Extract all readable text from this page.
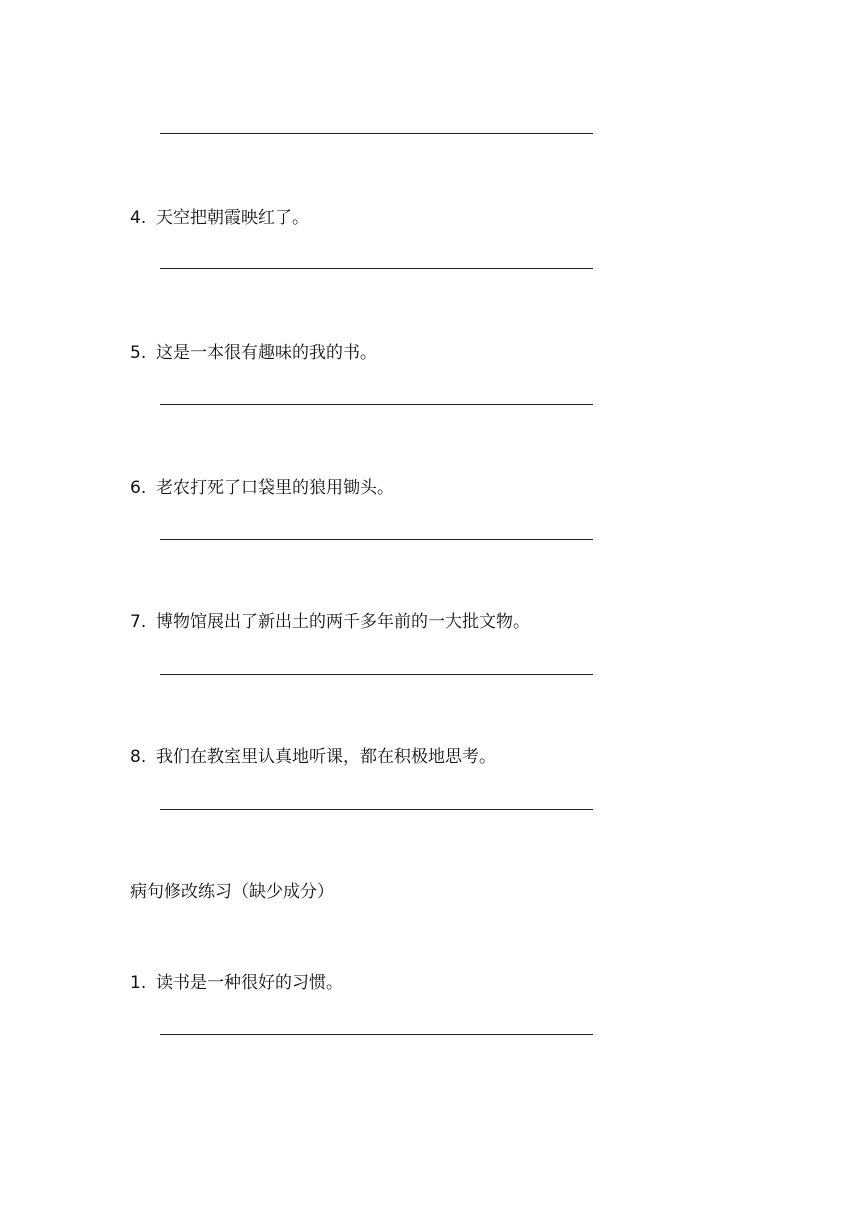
4. 天空把朝霞映红了。
5. 这是一本很有趣味的我的书。
6. 老农打死了口袋里的狼用锄头。
7. 博物馆展出了新出土的两千多年前的一大批文物。
8. 我们在教室里认真地听课，都在积极地思考。
病句修改练习（缺少成分）
1. 读书是一种很好的习惯。
